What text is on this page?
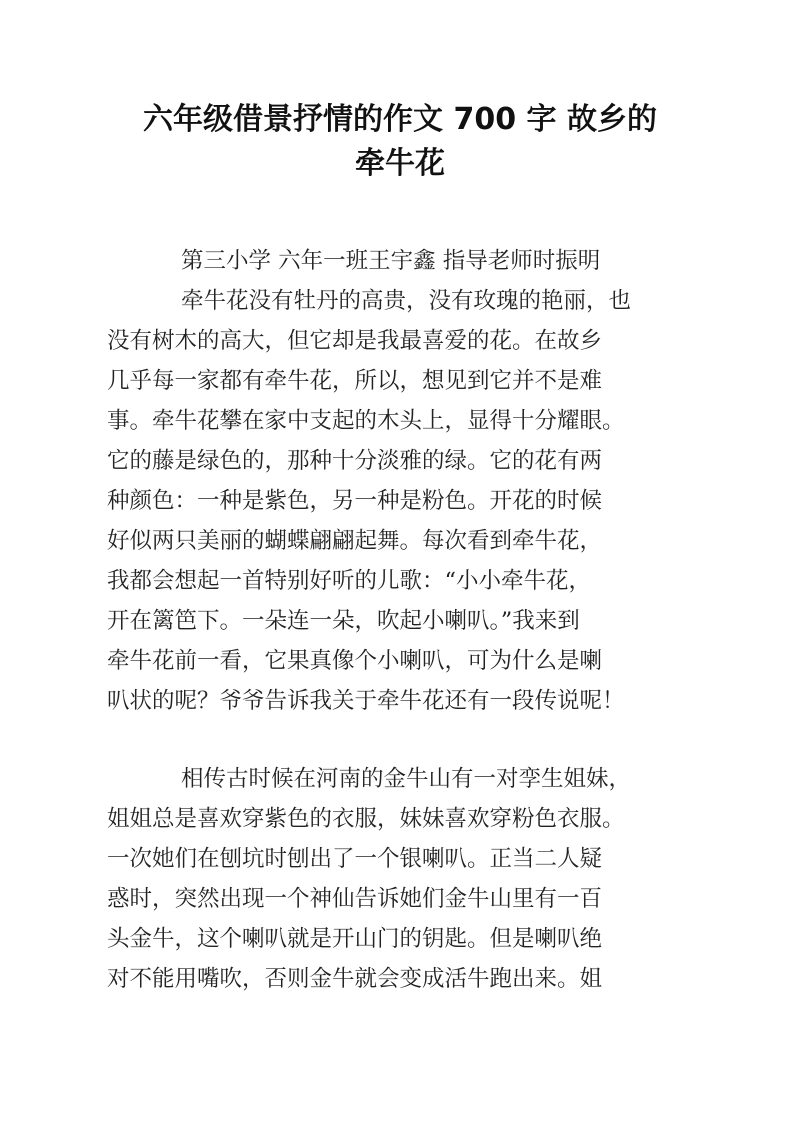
六年级借景抒情的作文 700 字 故乡的
牵牛花
第三小学 六年一班王宇鑫 指导老师时振明
牵牛花没有牡丹的高贵，没有玫瑰的艳丽，也
没有树木的高大，但它却是我最喜爱的花。在故乡
几乎每一家都有牵牛花，所以，想见到它并不是难
事。牵牛花攀在家中支起的木头上，显得十分耀眼。
它的藤是绿色的，那种十分淡雅的绿。它的花有两
种颜色：一种是紫色，另一种是粉色。开花的时候
好似两只美丽的蝴蝶翩翩起舞。每次看到牵牛花，
我都会想起一首特别好听的儿歌：“小小牵牛花，
开在篱笆下。一朵连一朵，吹起小喇叭。”我来到
牵牛花前一看，它果真像个小喇叭，可为什么是喇
叭状的呢？爷爷告诉我关于牵牛花还有一段传说呢！
相传古时候在河南的金牛山有一对孪生姐妹，
姐姐总是喜欢穿紫色的衣服，妹妹喜欢穿粉色衣服。
一次她们在刨坑时刨出了一个银喇叭。正当二人疑
惑时，突然出现一个神仙告诉她们金牛山里有一百
头金牛，这个喇叭就是开山门的钥匙。但是喇叭绝
对不能用嘴吹，否则金牛就会变成活牛跑出来。姐
